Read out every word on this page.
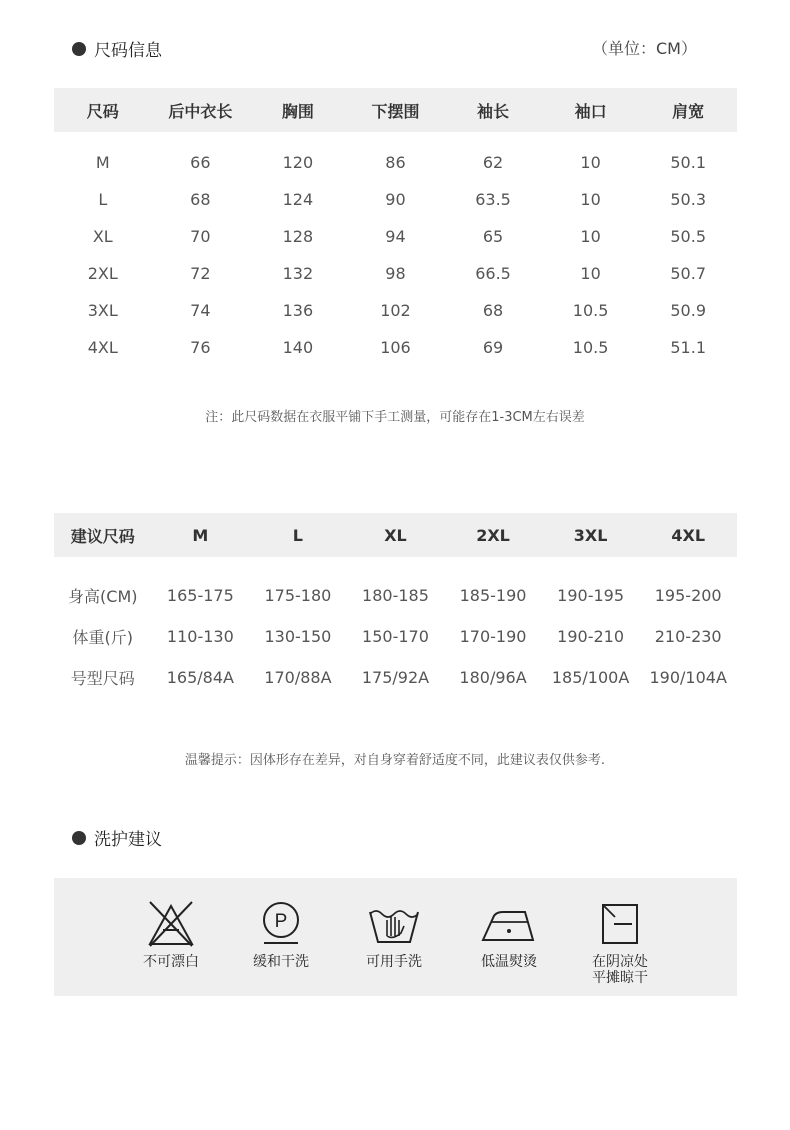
尺码信息	（单位：CM）
尺码	后中衣长	胸围	下摆围	袖长	袖口	肩宽
M	66	120	86	62	10	50.1
L	68	124	90	63.5	10	50.3
XL	70	128	94	65	10	50.5
2XL	72	132	98	66.5	10	50.7
3XL	74	136	102	68	10.5	50.9
4XL	76	140	106	69	10.5	51.1
注：此尺码数据在衣服平铺下手工测量，可能存在1-3CM左右误差
建议尺码	M	L	XL	2XL	3XL	4XL
身高(CM)	165-175	175-180	180-185	185-190	190-195	195-200
体重(斤)	110-130	130-150	150-170	170-190	190-210	210-230
号型尺码	165/84A	170/88A	175/92A	180/96A	185/100A	190/104A
温馨提示：因体形存在差异，对自身穿着舒适度不同，此建议表仅供参考.
洗护建议
不可漂白
P
缓和干洗	可用手洗	低温熨烫	在阴凉处
平摊晾干
